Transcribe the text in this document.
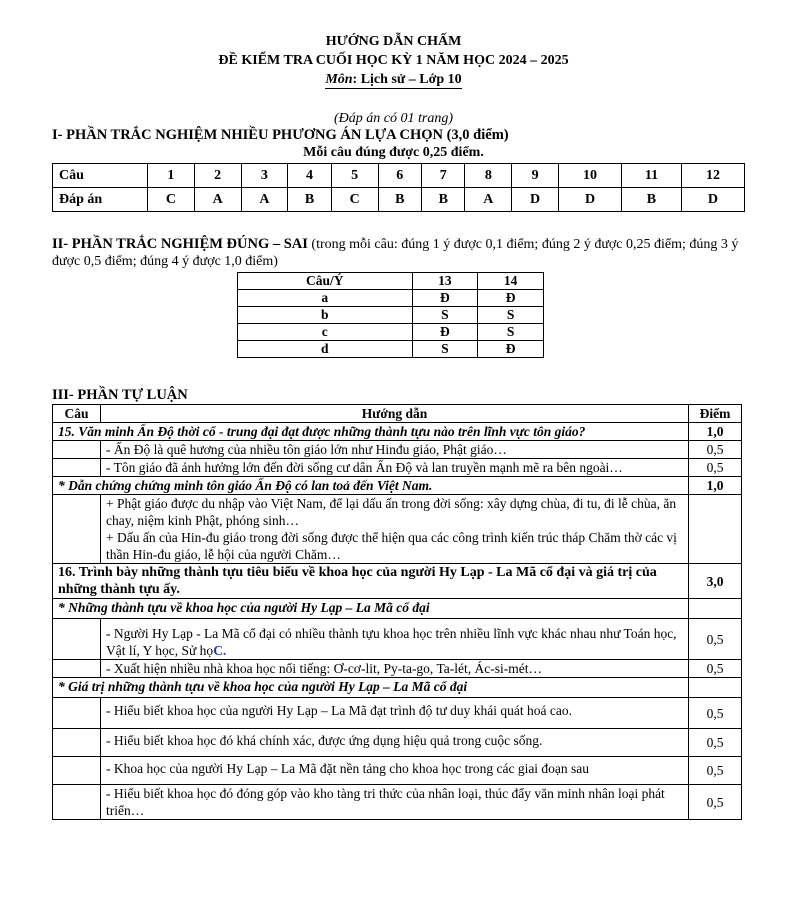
HƯỚNG DẪN CHẤM
ĐỀ KIỂM TRA CUỐI HỌC KỲ 1 NĂM HỌC 2024 – 2025
Môn: Lịch sử – Lớp 10
(Đáp án có 01 trang)
I- PHẦN TRẮC NGHIỆM NHIỀU PHƯƠNG ÁN LỰA CHỌN (3,0 điểm)
Mỗi câu đúng được 0,25 điểm.
Câu	1	2	3	4	5	6	7	8	9	10	11	12
Đáp án	C	A	A	B	C	B	B	A	D	D	B	D
II- PHẦN TRẮC NGHIỆM ĐÚNG – SAI (trong mỗi câu: đúng 1 ý được 0,1 điểm; đúng 2 ý được 0,25 điểm; đúng 3 ý được 0,5 điểm; đúng 4 ý được 1,0 điểm)
Câu/Ý	13	14
a	Đ	Đ
b	S	S
c	Đ	S
d	S	Đ
III- PHẦN TỰ LUẬN
Câu	Hướng dẫn	Điểm
15. Văn minh Ấn Độ thời cổ - trung đại đạt được những thành tựu nào trên lĩnh vực tôn giáo?		1,0
	- Ấn Độ là quê hương của nhiều tôn giáo lớn như Hinđu giáo, Phật giáo…	0,5
	- Tôn giáo đã ảnh hưởng lớn đến đời sống cư dân Ấn Độ và lan truyền mạnh mẽ ra bên ngoài…	0,5
* Dẫn chứng chứng minh tôn giáo Ấn Độ có lan toả đến Việt Nam.		1,0

	+ Phật giáo được du nhập vào Việt Nam, để lại dấu ấn trong đời sống: xây dựng chùa, đi tu, đi lễ chùa, ăn chay, niệm kinh Phật, phóng sinh…
+ Dấu ấn của Hin-đu giáo trong đời sống được thể hiện qua các công trình kiến trúc tháp Chăm thờ các vị thần Hin-đu giáo, lễ hội của người Chăm…	

16. Trình bày những thành tựu tiêu biểu về khoa học của người Hy Lạp - La Mã cổ đại và giá trị của những thành tựu ấy.		3,0
* Những thành tựu về khoa học của người Hy Lạp – La Mã cổ đại		
	- Người Hy Lạp - La Mã cổ đại có nhiều thành tựu khoa học trên nhiều lĩnh vực khác nhau như Toán học, Vật lí, Y học, Sử họC.	0,5
	- Xuất hiện nhiều nhà khoa học nổi tiếng: Ơ-cơ-lit, Py-ta-go, Ta-lét, Ác-si-mét…	0,5
* Giá trị những thành tựu về khoa học của người Hy Lạp – La Mã cổ đại		
	- Hiểu biết khoa học của người Hy Lạp – La Mã đạt trình độ tư duy khái quát hoá cao.	0,5
	- Hiểu biết khoa học đó khá chính xác, được ứng dụng hiệu quả trong cuộc sống.	0,5
	- Khoa học của người Hy Lạp – La Mã đặt nền tảng cho khoa học trong các giai đoạn sau	0,5
	- Hiểu biết khoa học đó đóng góp vào kho tàng tri thức của nhân loại, thúc đẩy văn minh nhân loại phát triển…	0,5
